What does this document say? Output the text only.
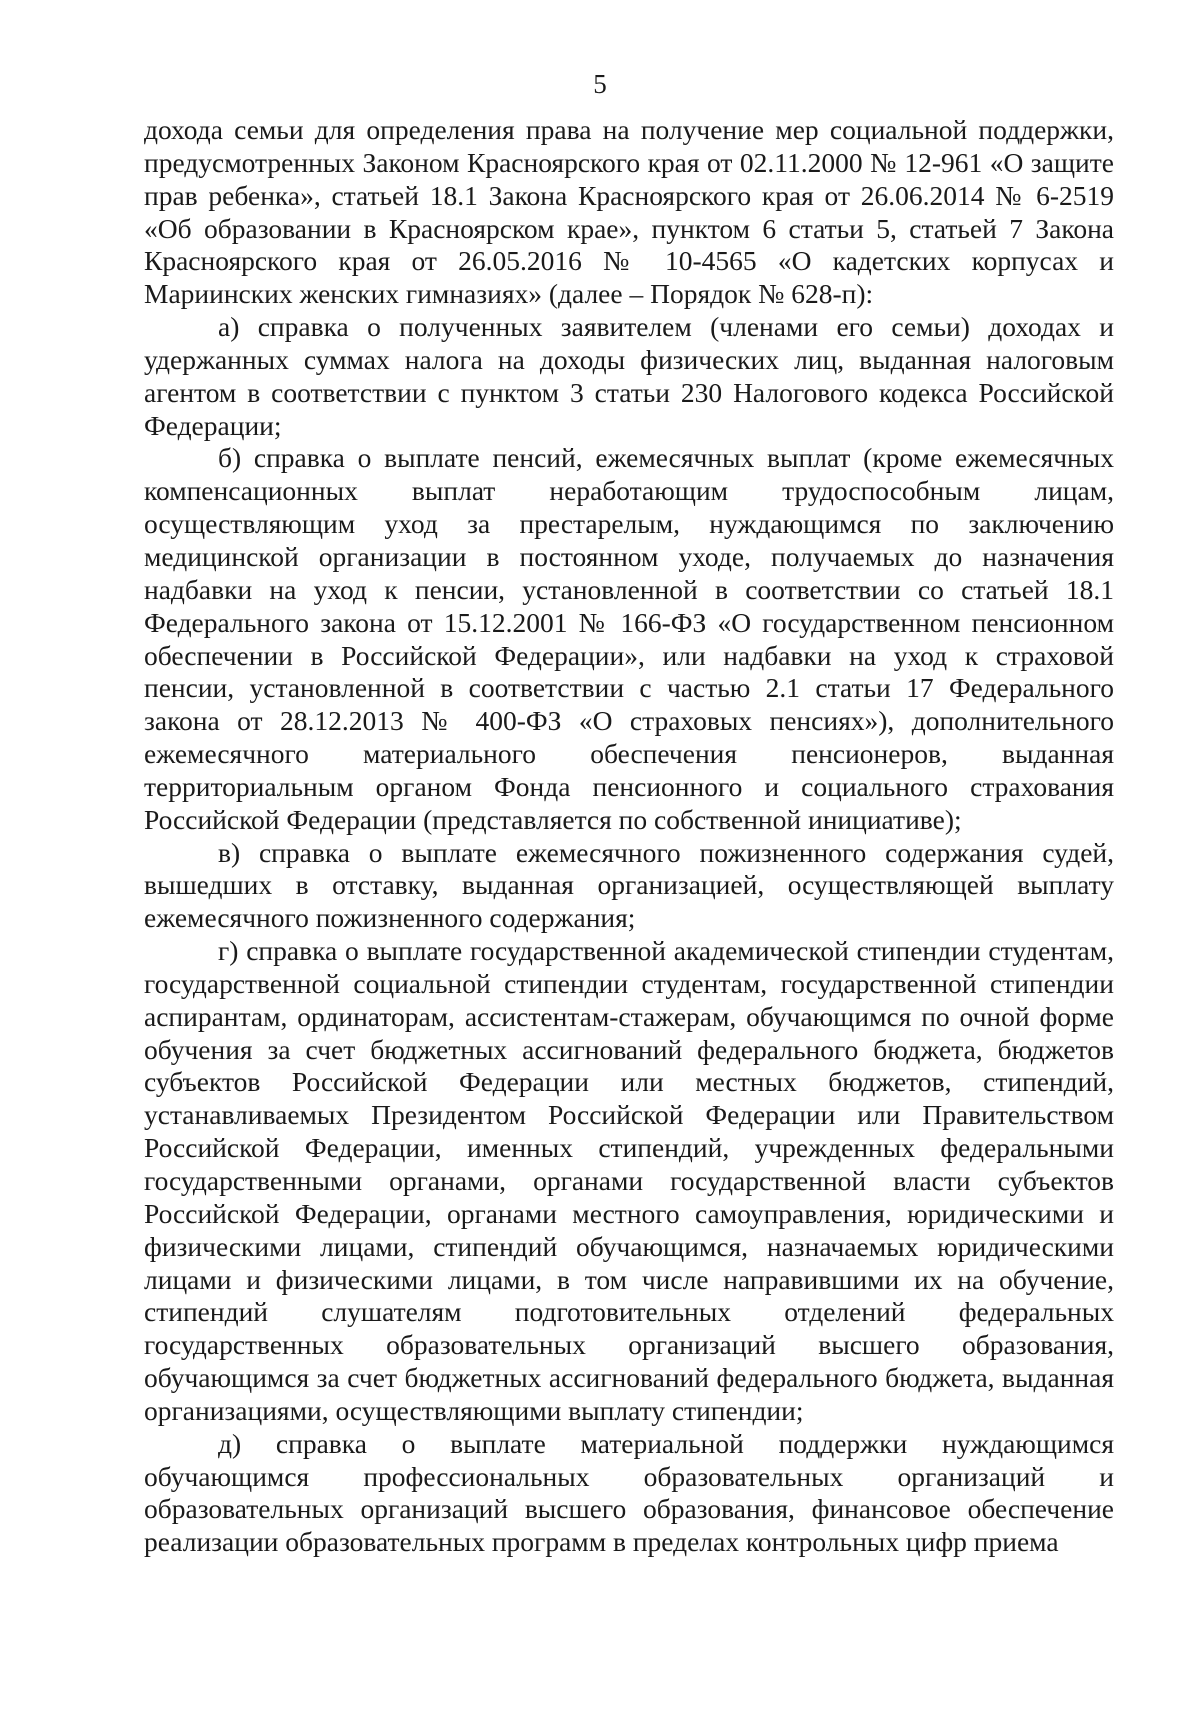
5

дохода семьи для определения права на получение мер социальной поддержки, предусмотренных Законом Красноярского края от 02.11.2000 № 12-961 «О защите прав ребенка», статьей 18.1 Закона Красноярского края от 26.06.2014 № 6-2519 «Об образовании в Красноярском крае», пунктом 6 статьи 5, статьей 7 Закона Красноярского края от 26.05.2016 № 10-4565 «О кадетских корпусах и Мариинских женских гимназиях» (далее – Порядок № 628-п):

а) справка о полученных заявителем (членами его семьи) доходах и удержанных суммах налога на доходы физических лиц, выданная налоговым агентом в соответствии с пунктом 3 статьи 230 Налогового кодекса Российской Федерации;

б) справка о выплате пенсий, ежемесячных выплат (кроме ежемесячных компенсационных выплат неработающим трудоспособным лицам, осуществляющим уход за престарелым, нуждающимся по заключению медицинской организации в постоянном уходе, получаемых до назначения надбавки на уход к пенсии, установленной в соответствии со статьей 18.1 Федерального закона от 15.12.2001 № 166-ФЗ «О государственном пенсионном обеспечении в Российской Федерации», или надбавки на уход к страховой пенсии, установленной в соответствии с частью 2.1 статьи 17 Федерального закона от 28.12.2013 № 400-ФЗ «О страховых пенсиях»), дополнительного ежемесячного материального обеспечения пенсионеров, выданная территориальным органом Фонда пенсионного и социального страхования Российской Федерации (представляется по собственной инициативе);

в) справка о выплате ежемесячного пожизненного содержания судей, вышедших в отставку, выданная организацией, осуществляющей выплату ежемесячного пожизненного содержания;

г) справка о выплате государственной академической стипендии студентам, государственной социальной стипендии студентам, государственной стипендии аспирантам, ординаторам, ассистентам-стажерам, обучающимся по очной форме обучения за счет бюджетных ассигнований федерального бюджета, бюджетов субъектов Российской Федерации или местных бюджетов, стипендий, устанавливаемых Президентом Российской Федерации или Правительством Российской Федерации, именных стипендий, учрежденных федеральными государственными органами, органами государственной власти субъектов Российской Федерации, органами местного самоуправления, юридическими и физическими лицами, стипендий обучающимся, назначаемых юридическими лицами и физическими лицами, в том числе направившими их на обучение, стипендий слушателям подготовительных отделений федеральных государственных образовательных организаций высшего образования, обучающимся за счет бюджетных ассигнований федерального бюджета, выданная организациями, осуществляющими выплату стипендии;

д) справка о выплате материальной поддержки нуждающимся обучающимся профессиональных образовательных организаций и образовательных организаций высшего образования, финансовое обеспечение реализации образовательных программ в пределах контрольных цифр приема
